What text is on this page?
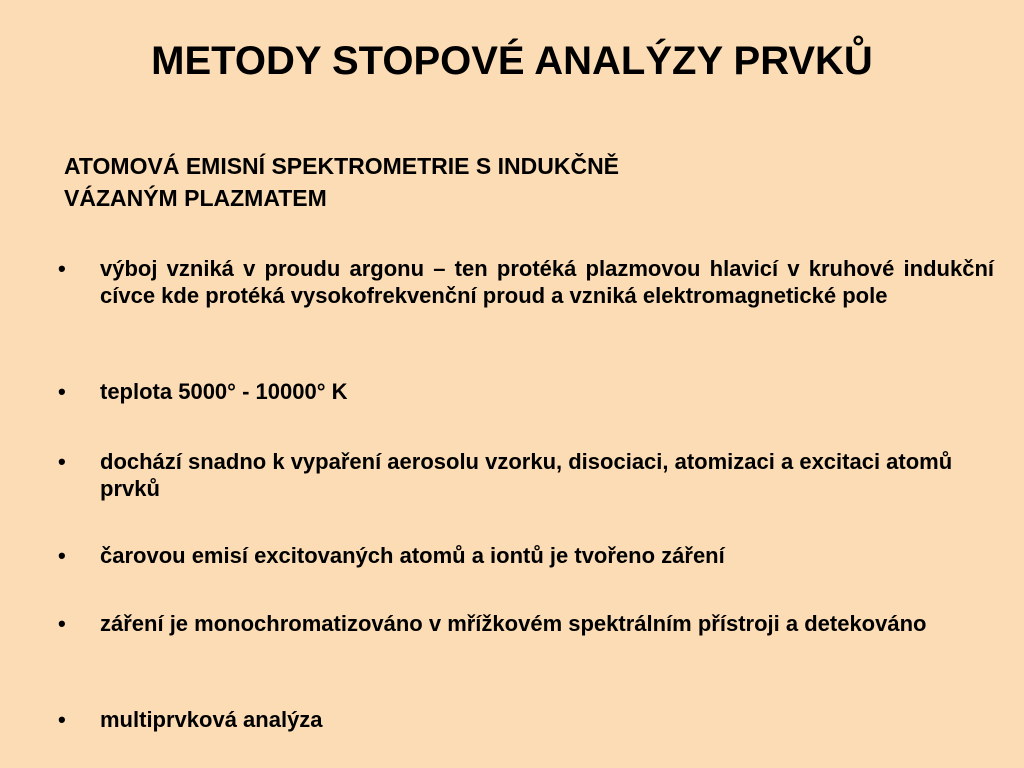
METODY STOPOVÉ ANALÝZY PRVKŮ
ATOMOVÁ EMISNÍ SPEKTROMETRIE S INDUKČNĚ
VÁZANÝM PLAZMATEM
•	výboj vzniká v proudu argonu – ten protéká plazmovou hlavicí v kruhové indukční cívce kde protéká vysokofrekvenční proud a vzniká elektromagnetické pole
•	teplota 5000° - 10000° K
•	dochází snadno k vypaření aerosolu vzorku, disociaci, atomizaci a excitaci atomů prvků
•	čarovou emisí excitovaných atomů a iontů je tvořeno záření
•	záření je monochromatizováno v mřížkovém spektrálním přístroji a detekováno
•	multiprvková analýza
